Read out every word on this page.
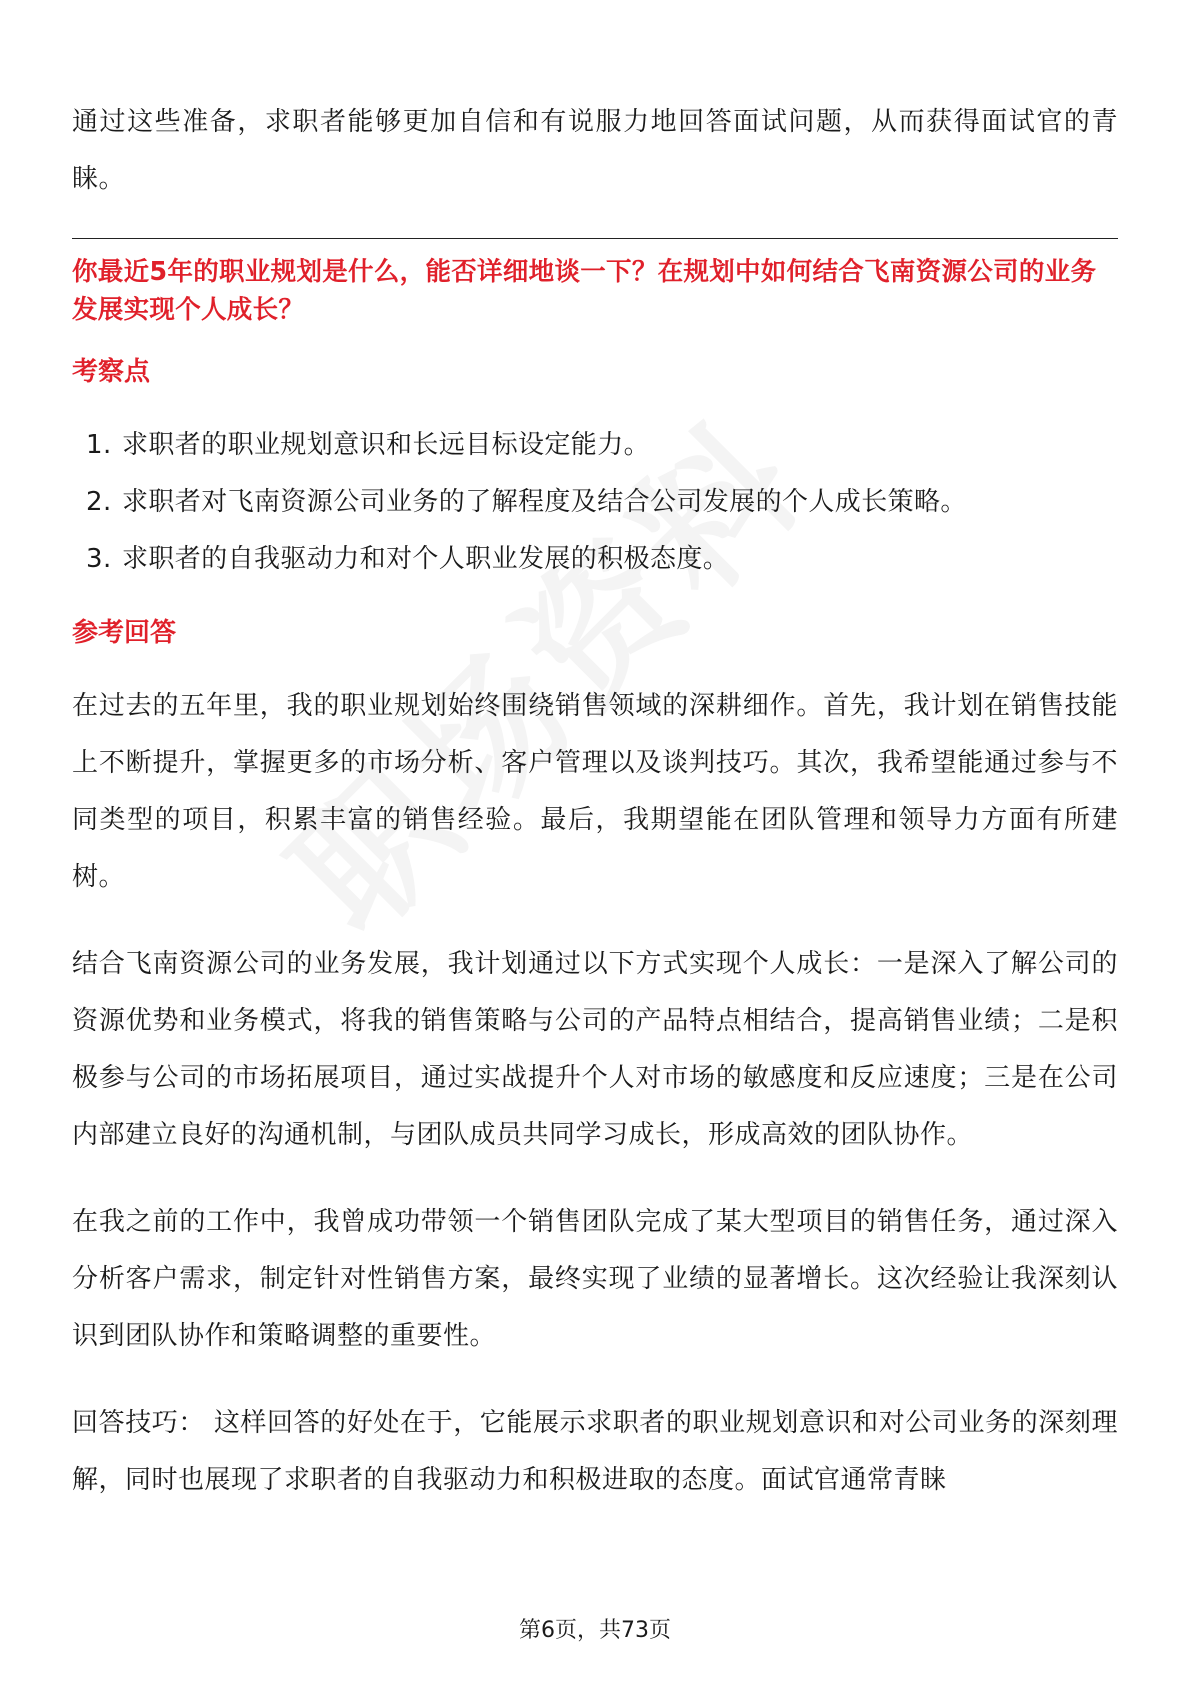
通过这些准备，求职者能够更加自信和有说服力地回答面试问题，从而获得面试官的青睐。

你最近5年的职业规划是什么，能否详细地谈一下？在规划中如何结合飞南资源公司的业务发展实现个人成长？
考察点
1. 求职者的职业规划意识和长远目标设定能力。
2. 求职者对飞南资源公司业务的了解程度及结合公司发展的个人成长策略。
3. 求职者的自我驱动力和对个人职业发展的积极态度。
参考回答

在过去的五年里，我的职业规划始终围绕销售领域的深耕细作。首先，我计划在销售技能上不断提升，掌握更多的市场分析、客户管理以及谈判技巧。其次，我希望能通过参与不同类型的项目，积累丰富的销售经验。最后，我期望能在团队管理和领导力方面有所建树。

结合飞南资源公司的业务发展，我计划通过以下方式实现个人成长：一是深入了解公司的资源优势和业务模式，将我的销售策略与公司的产品特点相结合，提高销售业绩；二是积极参与公司的市场拓展项目，通过实战提升个人对市场的敏感度和反应速度；三是在公司内部建立良好的沟通机制，与团队成员共同学习成长，形成高效的团队协作。

在我之前的工作中，我曾成功带领一个销售团队完成了某大型项目的销售任务，通过深入分析客户需求，制定针对性销售方案，最终实现了业绩的显著增长。这次经验让我深刻认识到团队协作和策略调整的重要性。

回答技巧： 这样回答的好处在于，它能展示求职者的职业规划意识和对公司业务的深刻理解，同时也展现了求职者的自我驱动力和积极进取的态度。面试官通常青睐

第6页，共73页
